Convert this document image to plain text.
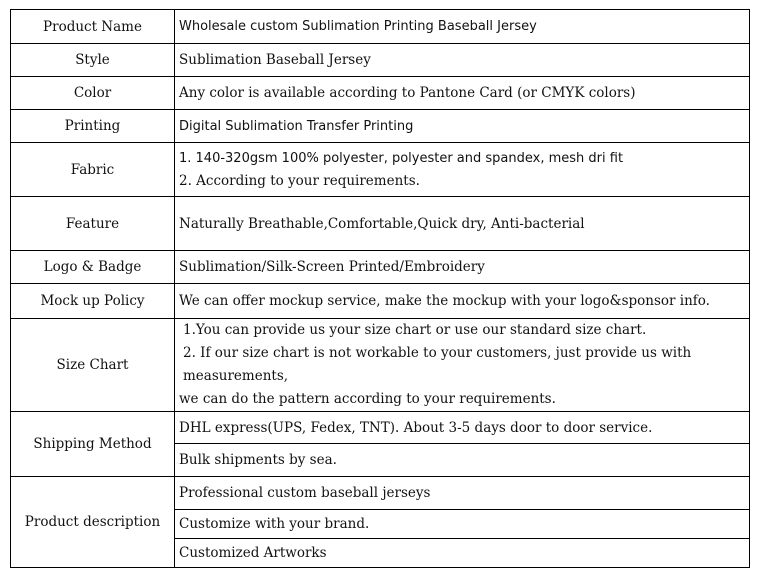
Product Name	Wholesale custom Sublimation Printing Baseball Jersey
Style	Sublimation Baseball Jersey
Color	Any color is available according to Pantone Card (or CMYK colors)
Printing	Digital Sublimation Transfer Printing
Fabric	1. 140-320gsm 100% polyester, polyester and spandex, mesh dri fit
2. According to your requirements.

Feature	Naturally Breathable,Comfortable,Quick dry, Anti-bacterial
Logo & Badge	Sublimation/Silk-Screen Printed/Embroidery
Mock up Policy	We can offer mockup service, make the mockup with your logo&sponsor info.
Size Chart	1.You can provide us your size chart or use our standard size chart.
2. If our size chart is not workable to your customers, just provide us with measurements,
we can do the pattern according to your requirements.

Shipping Method	DHL express(UPS, Fedex, TNT). About 3-5 days door to door service.
	Bulk shipments by sea.
Product description	Professional custom baseball jerseys
	Customize with your brand.
	Customized Artworks
